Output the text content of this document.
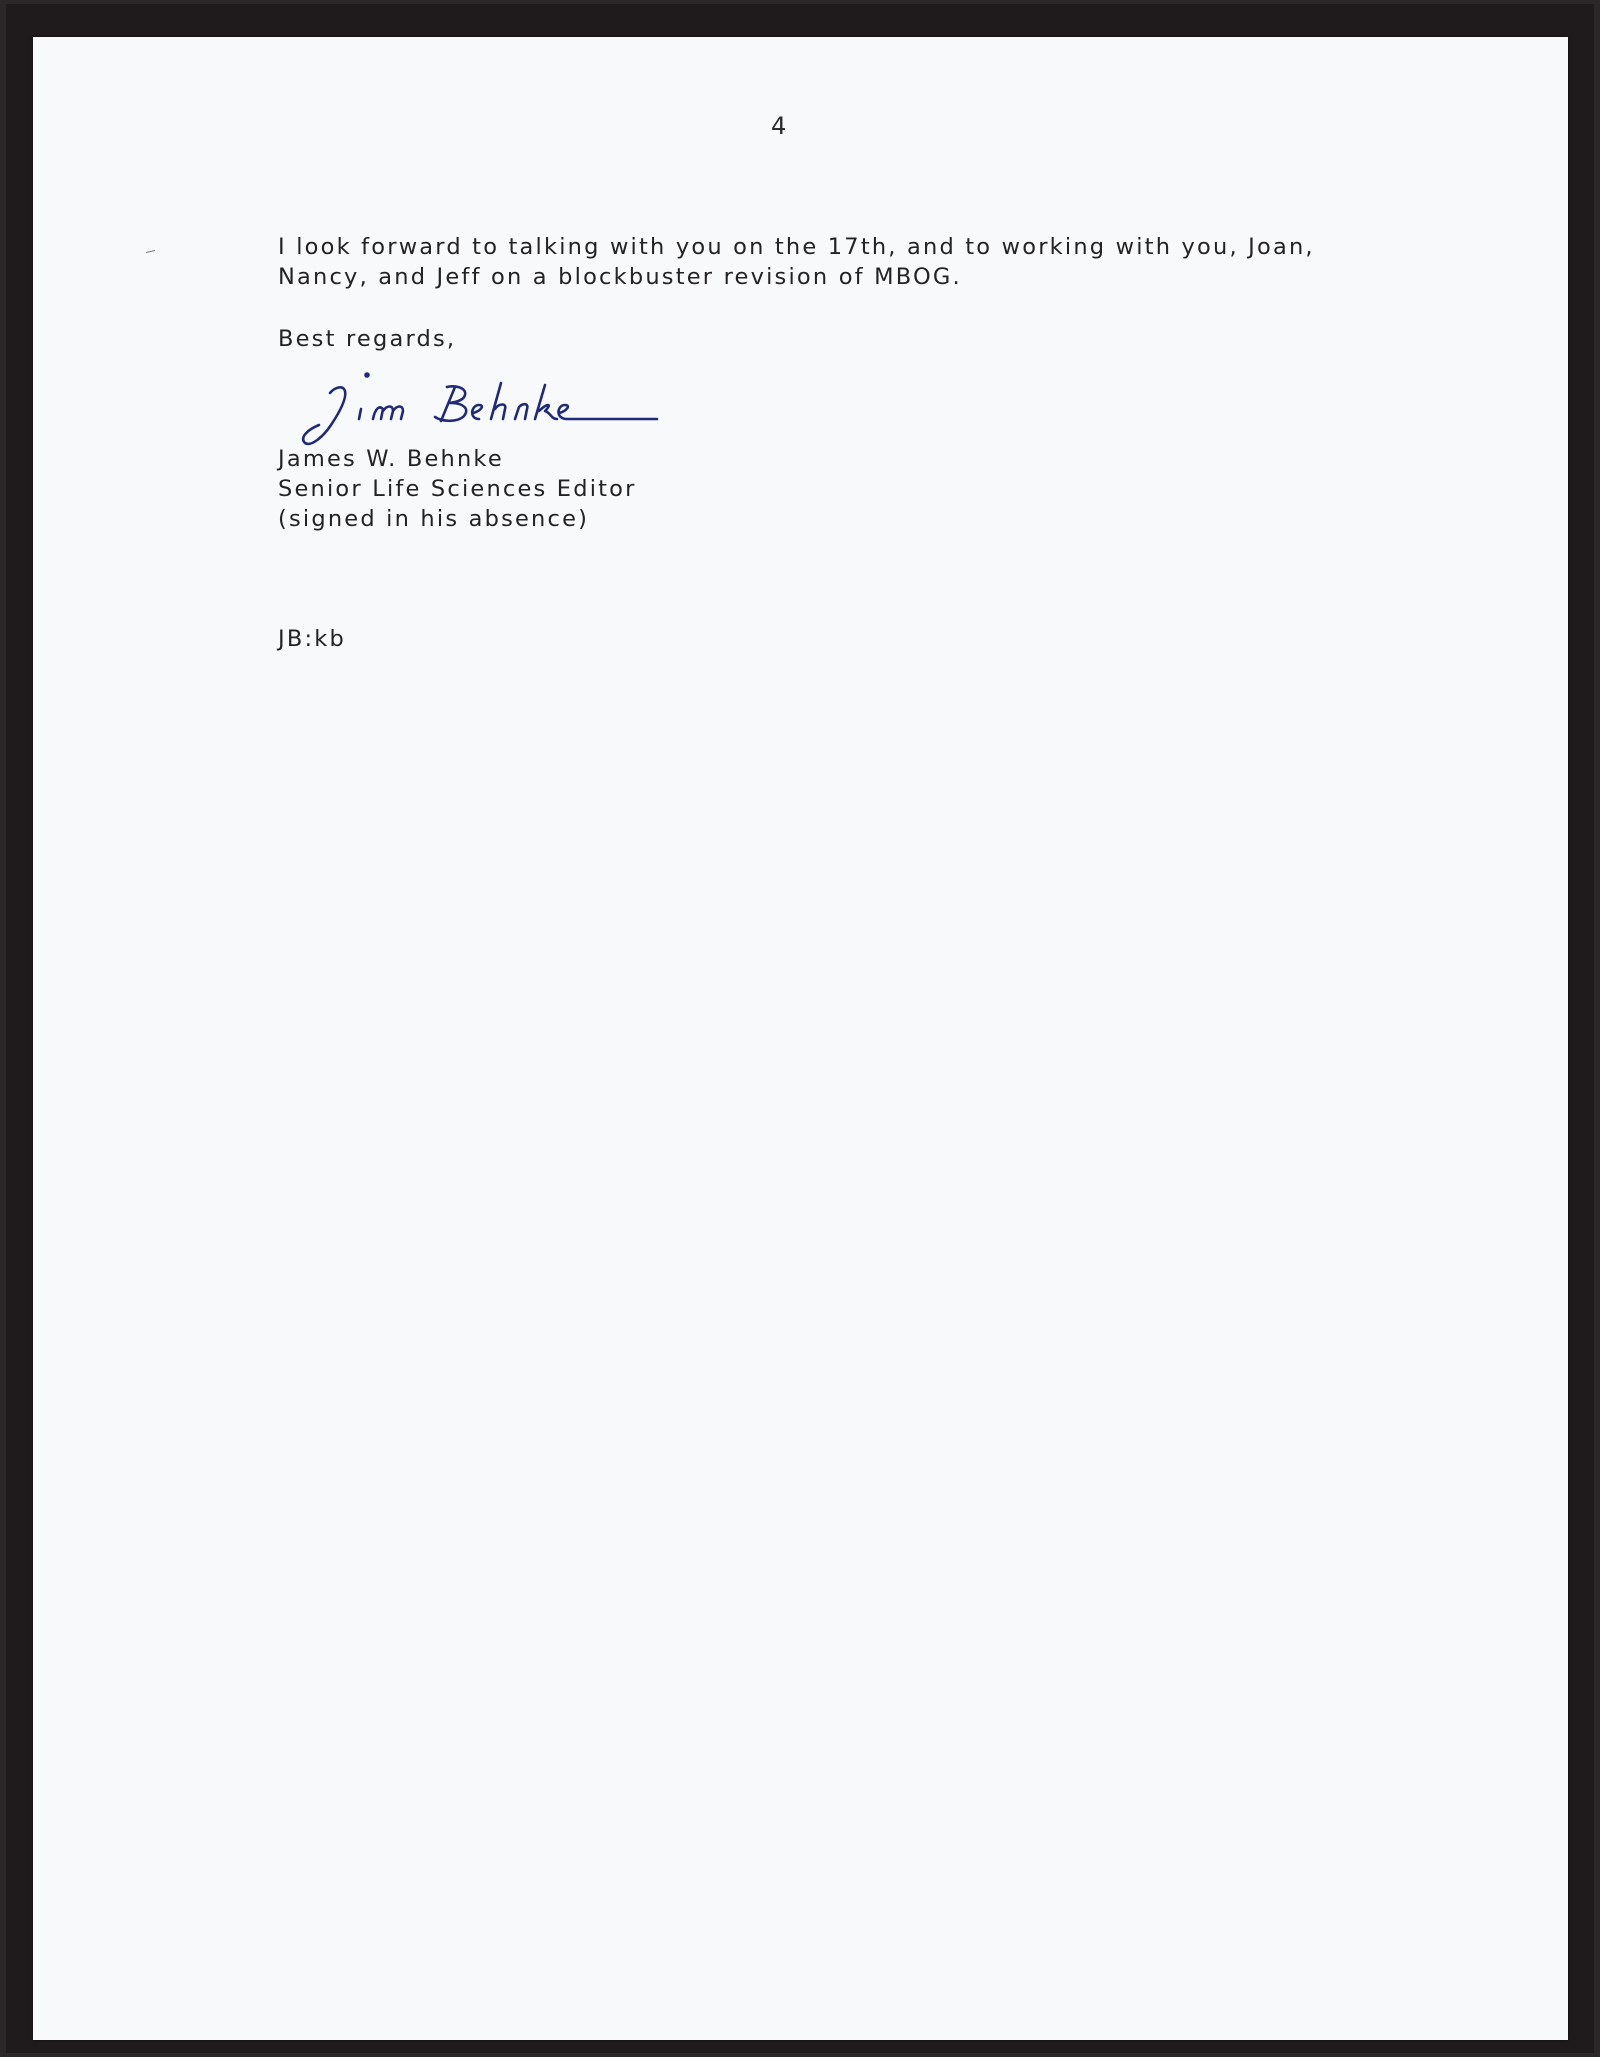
4
I look forward to talking with you on the 17th, and to working with you, Joan,
Nancy, and Jeff on a blockbuster revision of MBOG.
Best regards,
James W. Behnke
Senior Life Sciences Editor
(signed in his absence)
JB:kb
